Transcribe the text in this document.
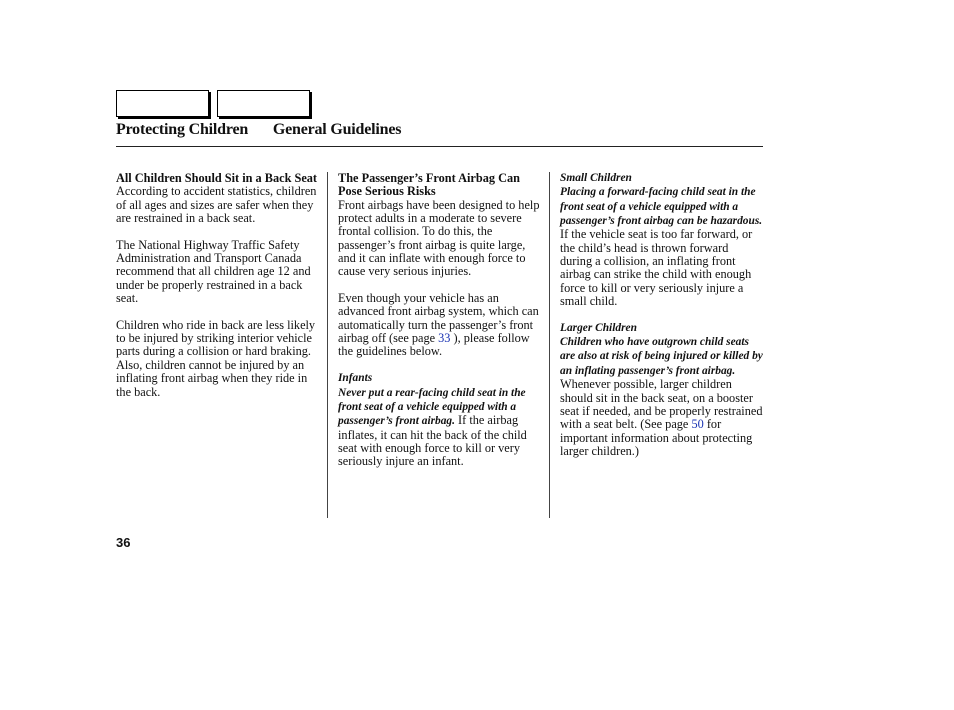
Protecting Children General Guidelines
All Children Should Sit in a Back Seat

According to accident statistics, children of all ages and sizes are safer when they are restrained in a back seat.

The National Highway Traffic Safety Administration and Transport Canada recommend that all children age 12 and under be properly restrained in a back seat.

Children who ride in back are less likely to be injured by striking interior vehicle parts during a collision or hard braking. Also, children cannot be injured by an inflating front airbag when they ride in the back.

The Passenger’s Front Airbag Can Pose Serious Risks

Front airbags have been designed to help protect adults in a moderate to severe frontal collision. To do this, the passenger’s front airbag is quite large, and it can inflate with enough force to cause very serious injuries.

Even though your vehicle has an advanced front airbag system, which can automatically turn the passenger’s front airbag off (see page 33 ), please follow the guidelines below.

Infants

Never put a rear-facing child seat in the front seat of a vehicle equipped with a passenger’s front airbag. If the airbag inflates, it can hit the back of the child seat with enough force to kill or very seriously injure an infant.

Small Children

Placing a forward-facing child seat in the front seat of a vehicle equipped with a passenger’s front airbag can be hazardous. If the vehicle seat is too far forward, or the child’s head is thrown forward during a collision, an inflating front airbag can strike the child with enough force to kill or very seriously injure a small child.

Larger Children

Children who have outgrown child seats are also at risk of being injured or killed by an inflating passenger’s front airbag. Whenever possible, larger children should sit in the back seat, on a booster seat if needed, and be properly restrained with a seat belt. (See page 50 for important information about protecting larger children.)

36
